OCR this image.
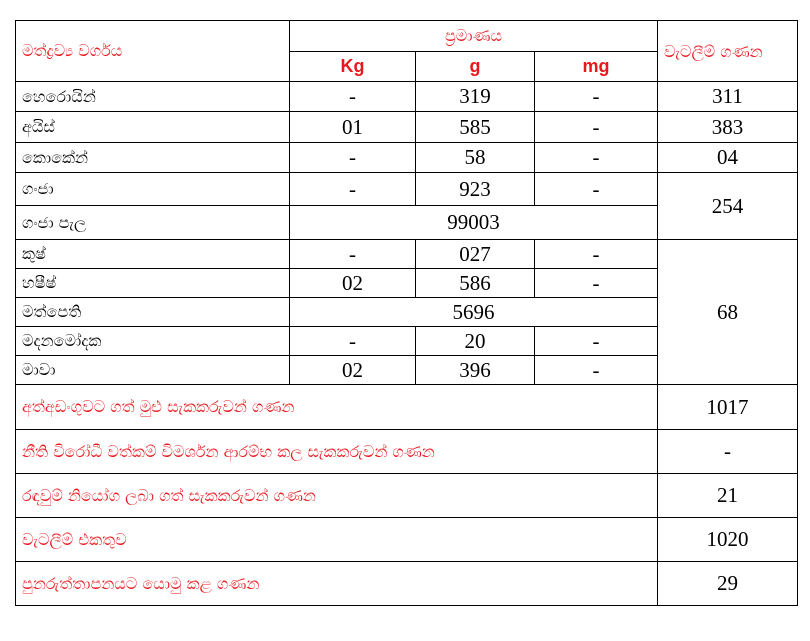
මත්ද්‍රව්‍ය වර්ගය	ප්‍රමාණය			වැටලීම් ගණන
	Kg	g	mg	
හෙරොයින්	-	319	-	311
අයිස්	01	585	-	383
කොකේන්	-	58	-	04
ගංජා	-	923	-	254
ගංජා පැල	99003			
කුෂ්	-	027	-	68
හෂීෂ්	02	586	-	
මත්පෙති	5696			
මදනමෝදක	-	20	-	
මාවා	02	396	-	
අත්අඩංගුවට ගත් මුළු සැකකරුවන් ගණන				1017
නීති විරෝධී වත්කම් විමර්ශන ආරම්භ කල සැකකරුවන් ගණන				-
රඳවුම් නියෝග ලබා ගත් සැකකරුවන් ගණන				21
වැටලීම් එකතුව				1020
පුනරුත්තාපනයට යොමු කළ ගණන				29
